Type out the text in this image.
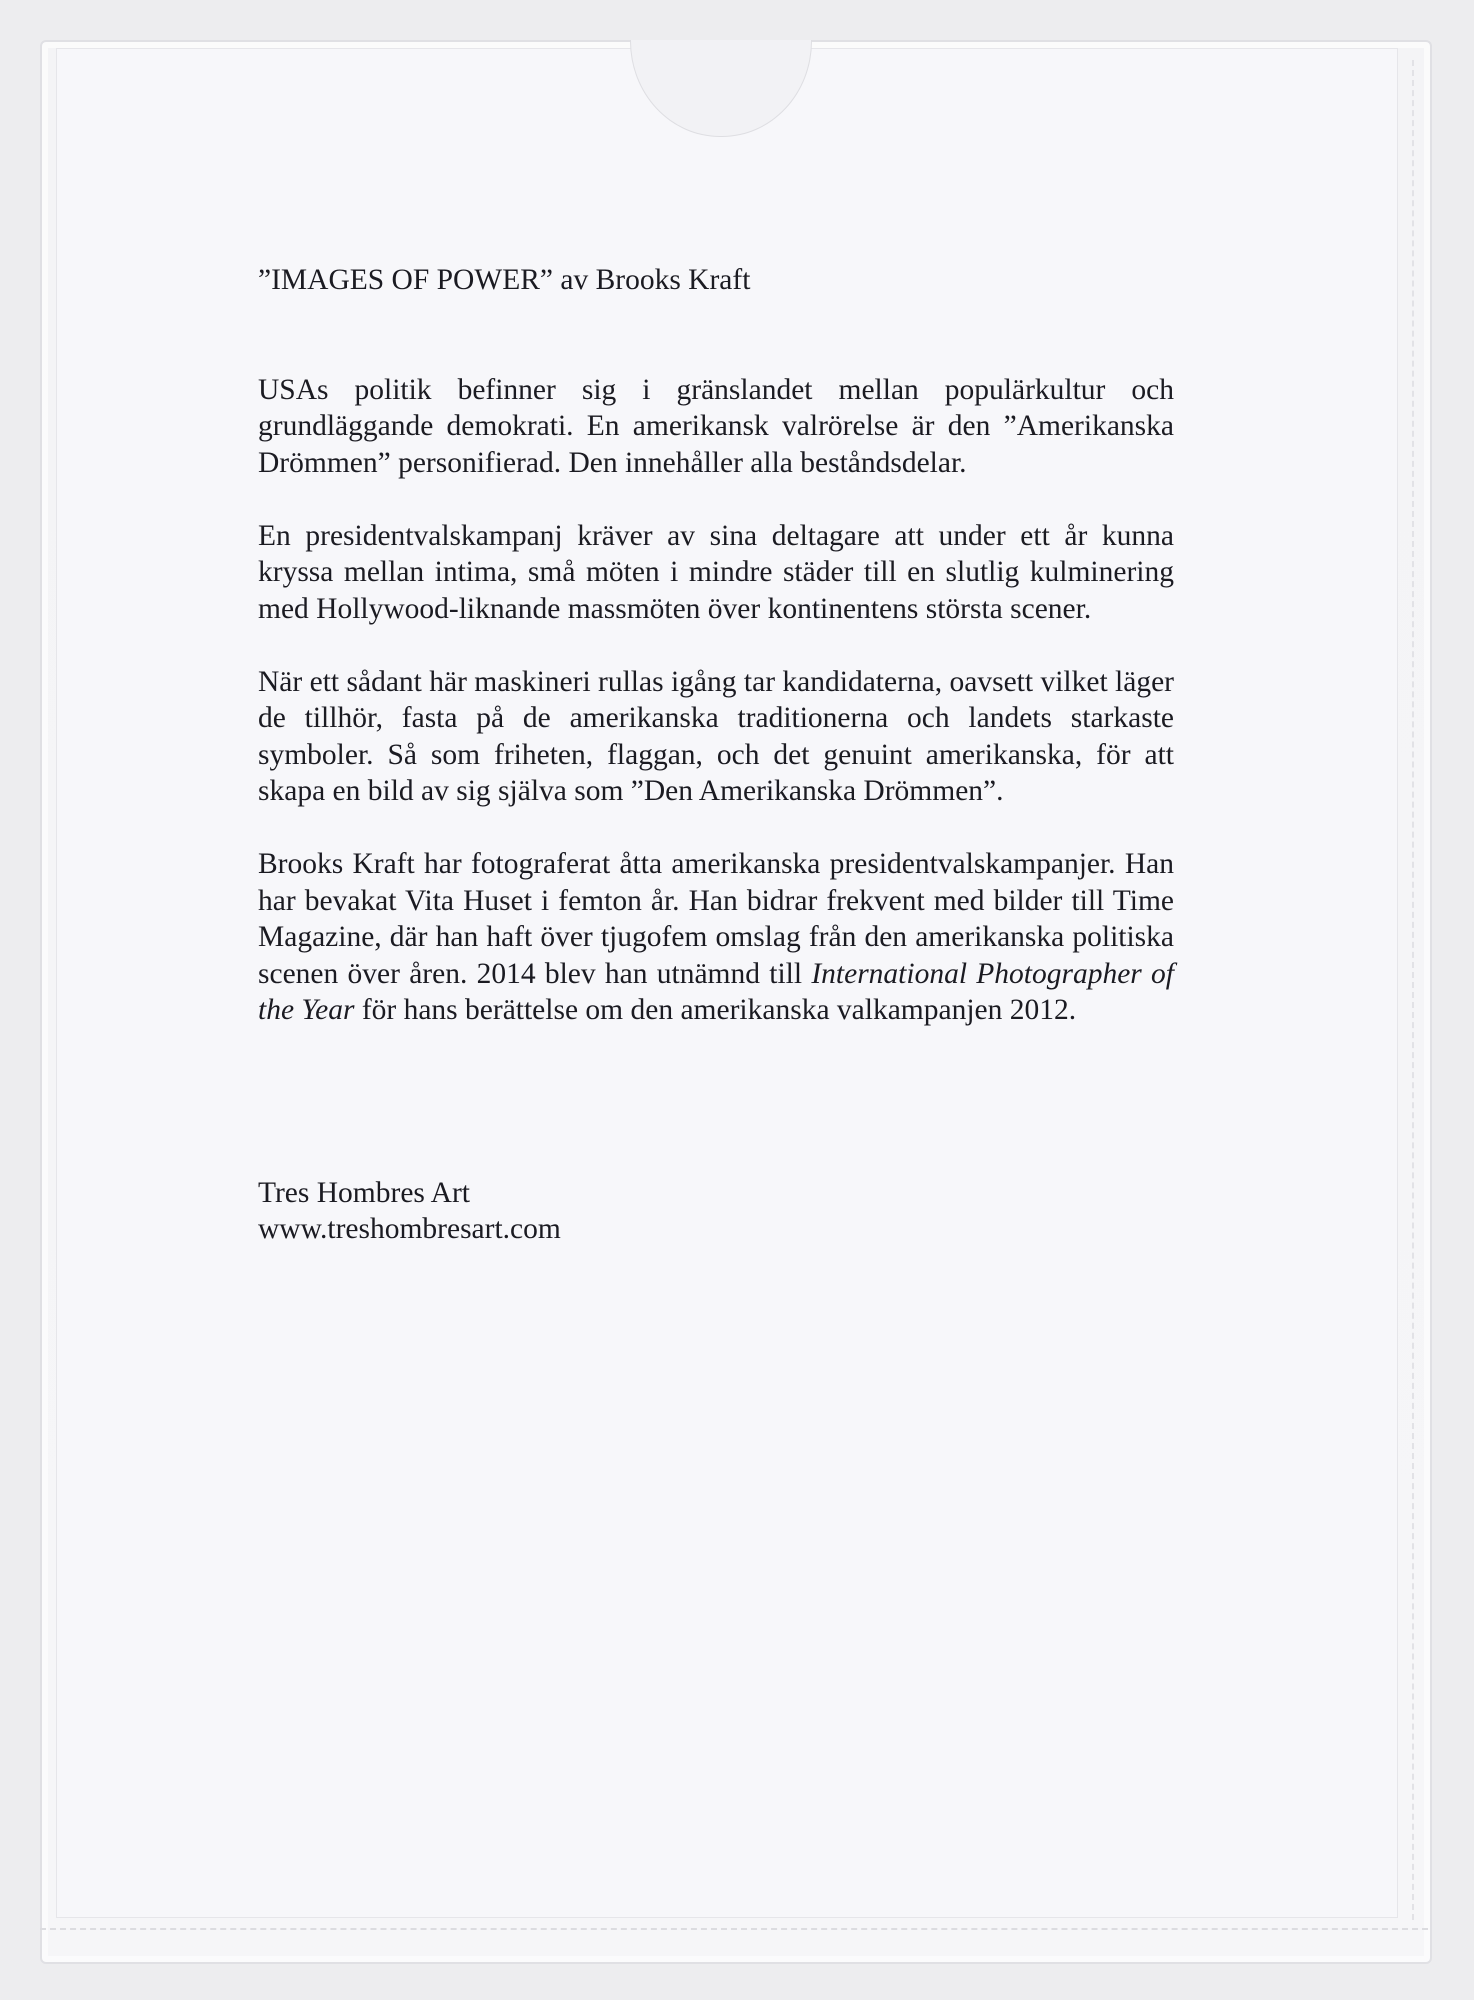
”IMAGES OF POWER” av Brooks Kraft

USAs politik befinner sig i gränslandet mellan populärkultur och grundläggande demokrati. En amerikansk valrörelse är den ”Amerikanska Drömmen” personifierad. Den innehåller alla beståndsdelar.

En presidentvalskampanj kräver av sina deltagare att under ett år kunna kryssa mellan intima, små möten i mindre städer till en slutlig kulminering med Hollywood-liknande massmöten över kontinentens största scener.

När ett sådant här maskineri rullas igång tar kandidaterna, oavsett vilket läger de tillhör, fasta på de amerikanska traditionerna och landets starkaste symboler. Så som friheten, flaggan, och det genuint amerikanska, för att skapa en bild av sig själva som ”Den Amerikanska Drömmen”.

Brooks Kraft har fotograferat åtta amerikanska presidentvalskampanjer. Han har bevakat Vita Huset i femton år. Han bidrar frekvent med bilder till Time Magazine, där han haft över tjugofem omslag från den amerikanska politiska scenen över åren. 2014 blev han utnämnd till International Photographer of the Year för hans berättelse om den amerikanska valkampanjen 2012.

Tres Hombres Art
www.treshombresart.com
